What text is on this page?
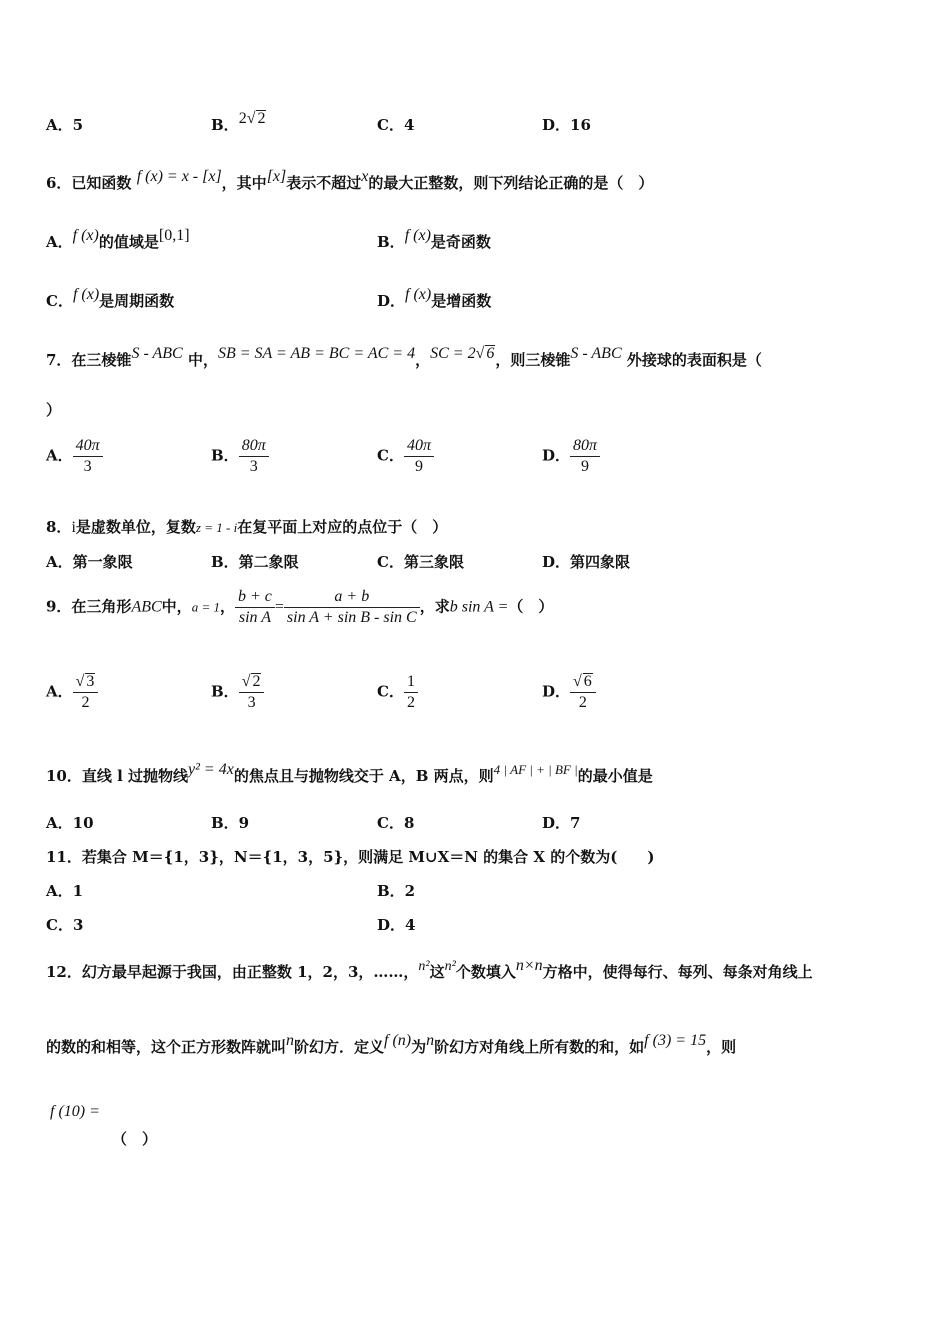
A．5	B．2√ 2	C．4	D．16
6．已知函数 f (x) = x - [x]，其中[x]表示不超过x的最大正整数，则下列结论正确的是（　）
A．f (x)的值域是[0,1]	B．f (x)是奇函数
C．f (x)是周期函数	D．f (x)是增函数
7．在三棱锥S - ABC 中，SB = SA = AB = BC = AC = 4，SC = 2√ 6，则三棱锥S - ABC 外接球的表面积是（
）
A． $\frac{40\pi}{3}$	B． $\frac{80\pi}{3}$	C． $\frac{40\pi}{9}$	D． $\frac{80\pi}{9}$
8．i是虚数单位，复数z = 1 - i在复平面上对应的点位于（　）
A．第一象限	B．第二象限	C．第三象限	D．第四象限
9．在三角形ABC中，a = 1， $\frac{b + c}{\text{sin A}} = \frac{a + b}{\text{sin A + sin B - sin C}}$ ，求b sin A =（　）
A． $\frac{√ 3}{2}$	B． $\frac{√ 2}{3}$	C． $\frac{1}{2}$	D． $\frac{√ 6}{2}$
10．直线 l 过抛物线y² = 4x的焦点且与抛物线交于 A，B 两点，则4 | AF | + | BF |的最小值是
A．10	B．9	C．8	D．7
11．若集合 M＝{1，3}，N＝{1，3，5}，则满足 M∪X＝N 的集合 X 的个数为(　　)
A．1	B．2
C．3	D．4
12．幻方最早起源于我国，由正整数 1，2，3，……，n²这n²个数填入n×n方格中，使得每行、每列、每条对角线上
的数的和相等，这个正方形数阵就叫n阶幻方．定义f (n)为n阶幻方对角线上所有数的和，如f (3) = 15，则
f (10) =
（　）
